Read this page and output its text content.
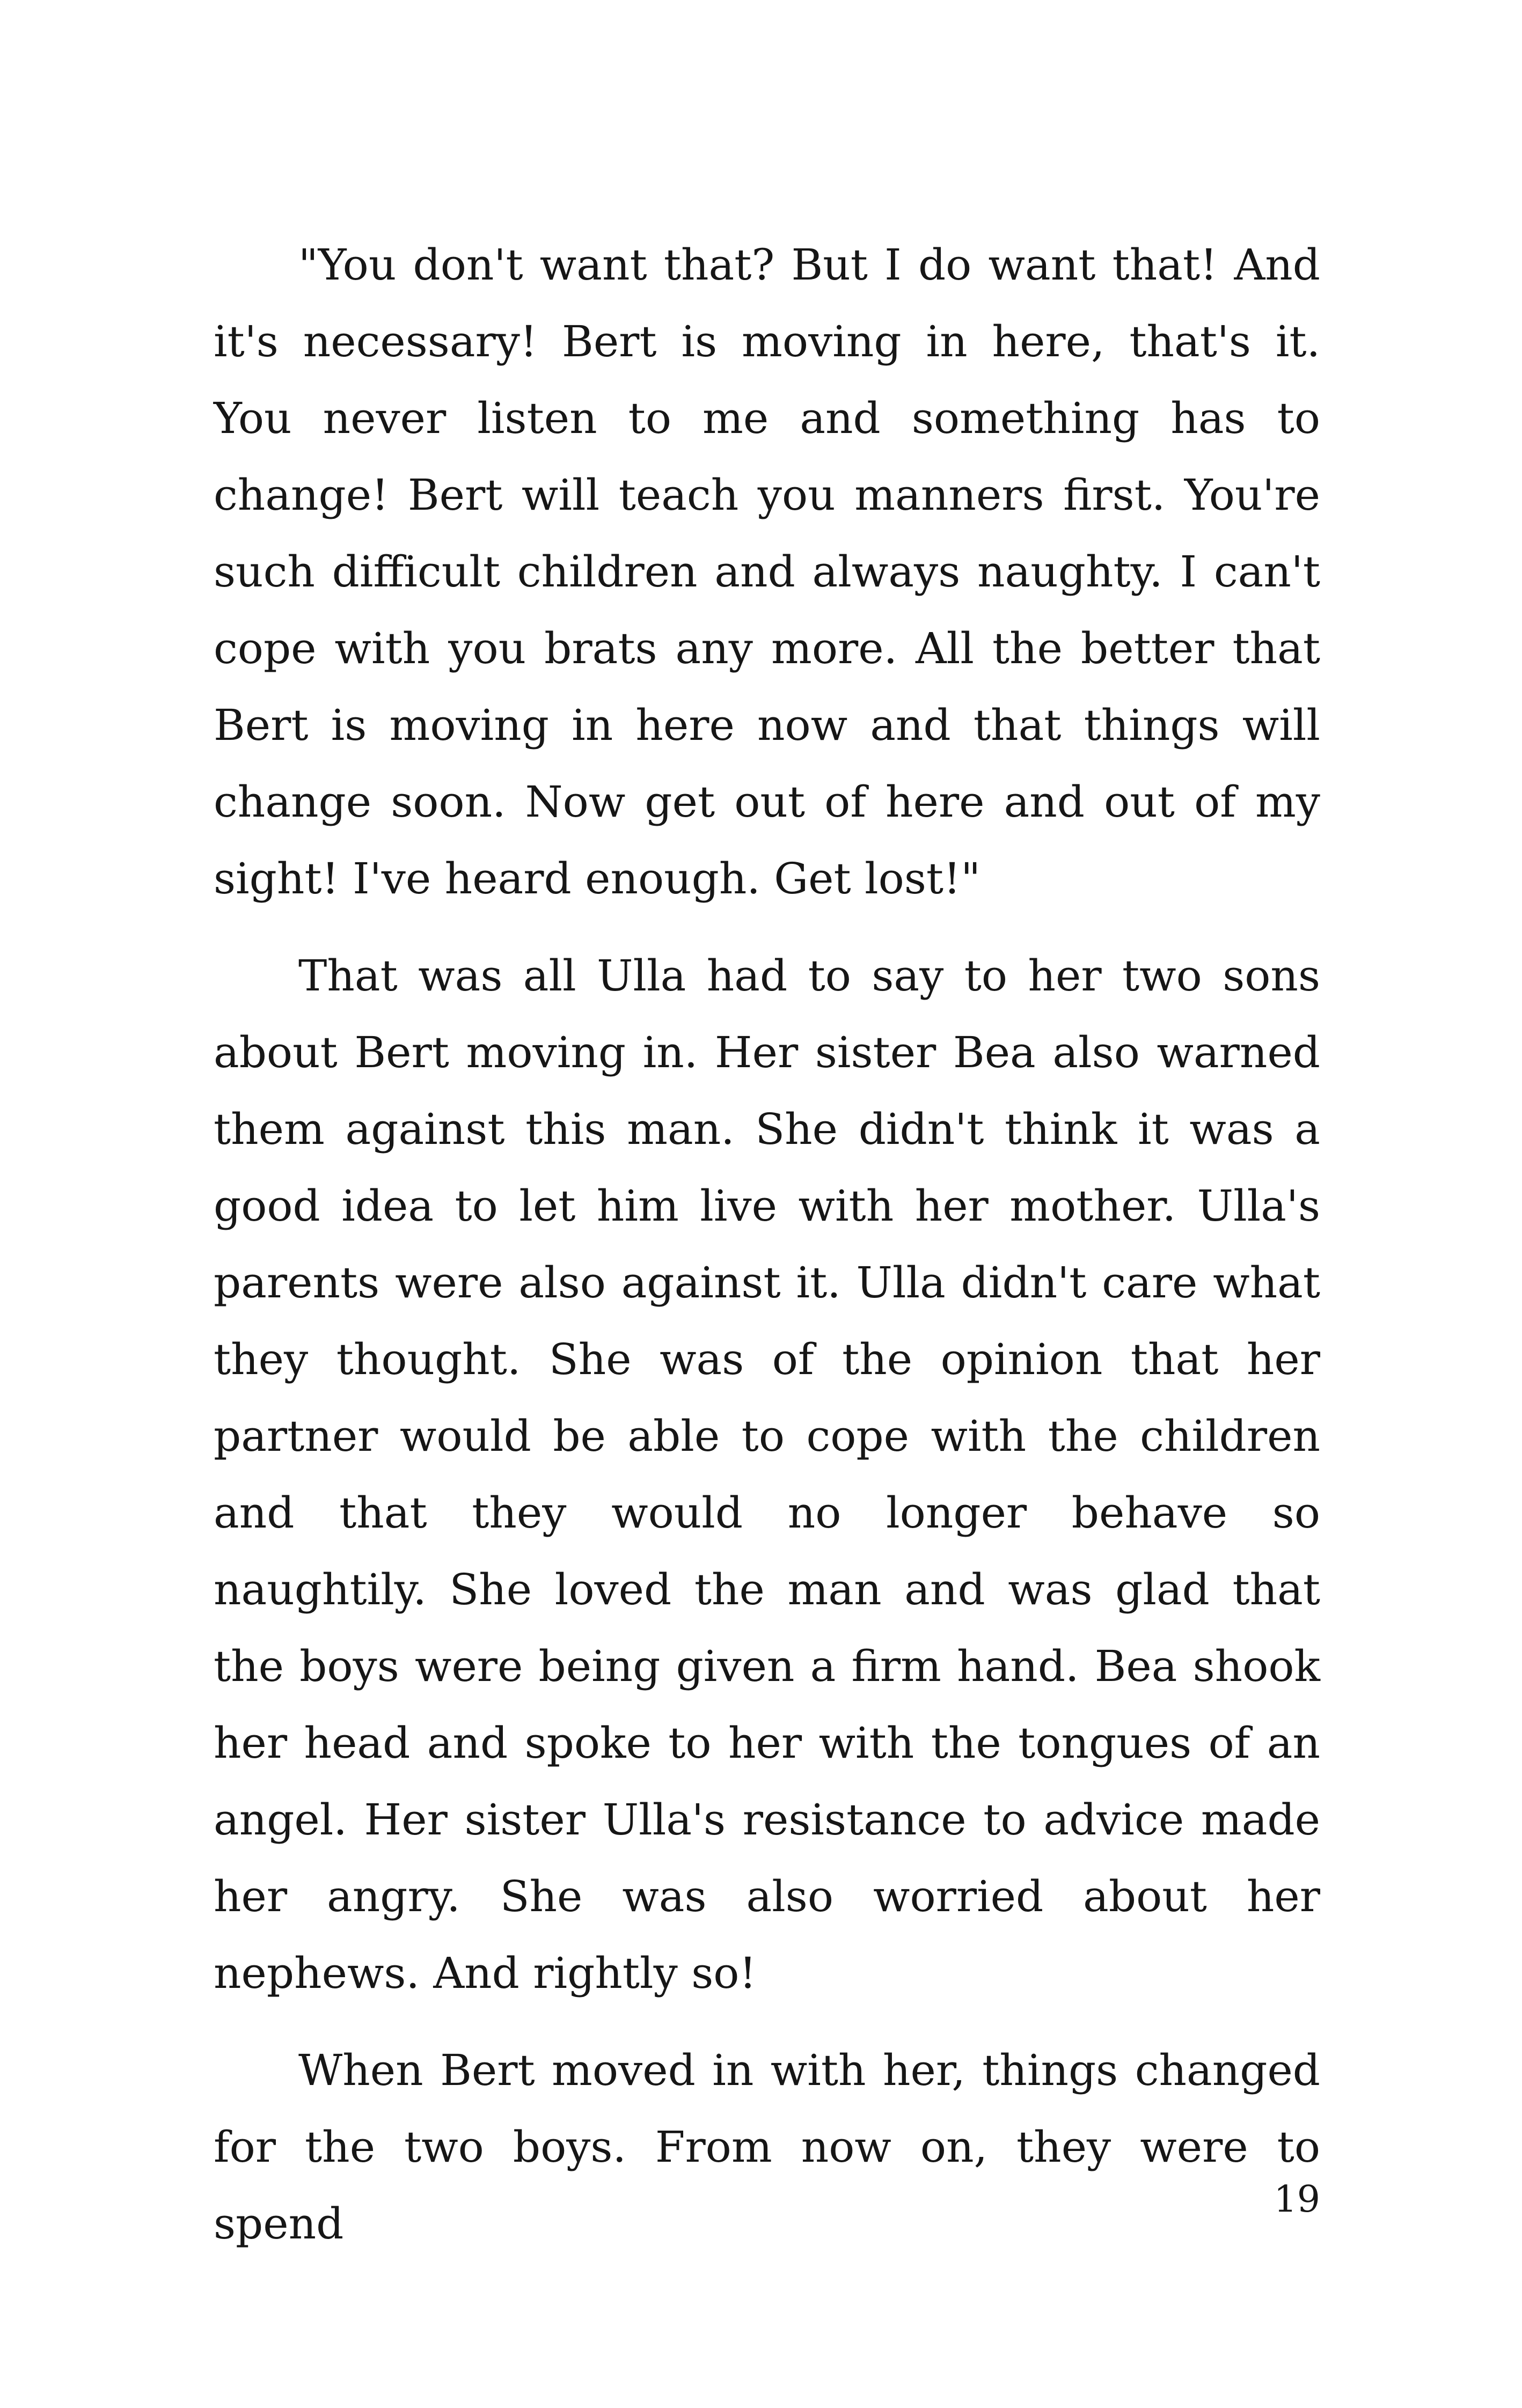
"You don't want that? But I do want that! And it's necessary! Bert is moving in here, that's it. You never listen to me and something has to change! Bert will teach you manners first. You're such difficult children and always naughty. I can't cope with you brats any more. All the better that Bert is moving in here now and that things will change soon. Now get out of here and out of my sight! I've heard enough. Get lost!"

That was all Ulla had to say to her two sons about Bert moving in. Her sister Bea also warned them against this man. She didn't think it was a good idea to let him live with her mother. Ulla's parents were also against it. Ulla didn't care what they thought. She was of the opinion that her partner would be able to cope with the children and that they would no longer behave so naughtily. She loved the man and was glad that the boys were being given a firm hand. Bea shook her head and spoke to her with the tongues of an angel. Her sister Ulla's resistance to advice made her angry. She was also worried about her nephews. And rightly so!

When Bert moved in with her, things changed for the two boys. From now on, they were to spend	19
